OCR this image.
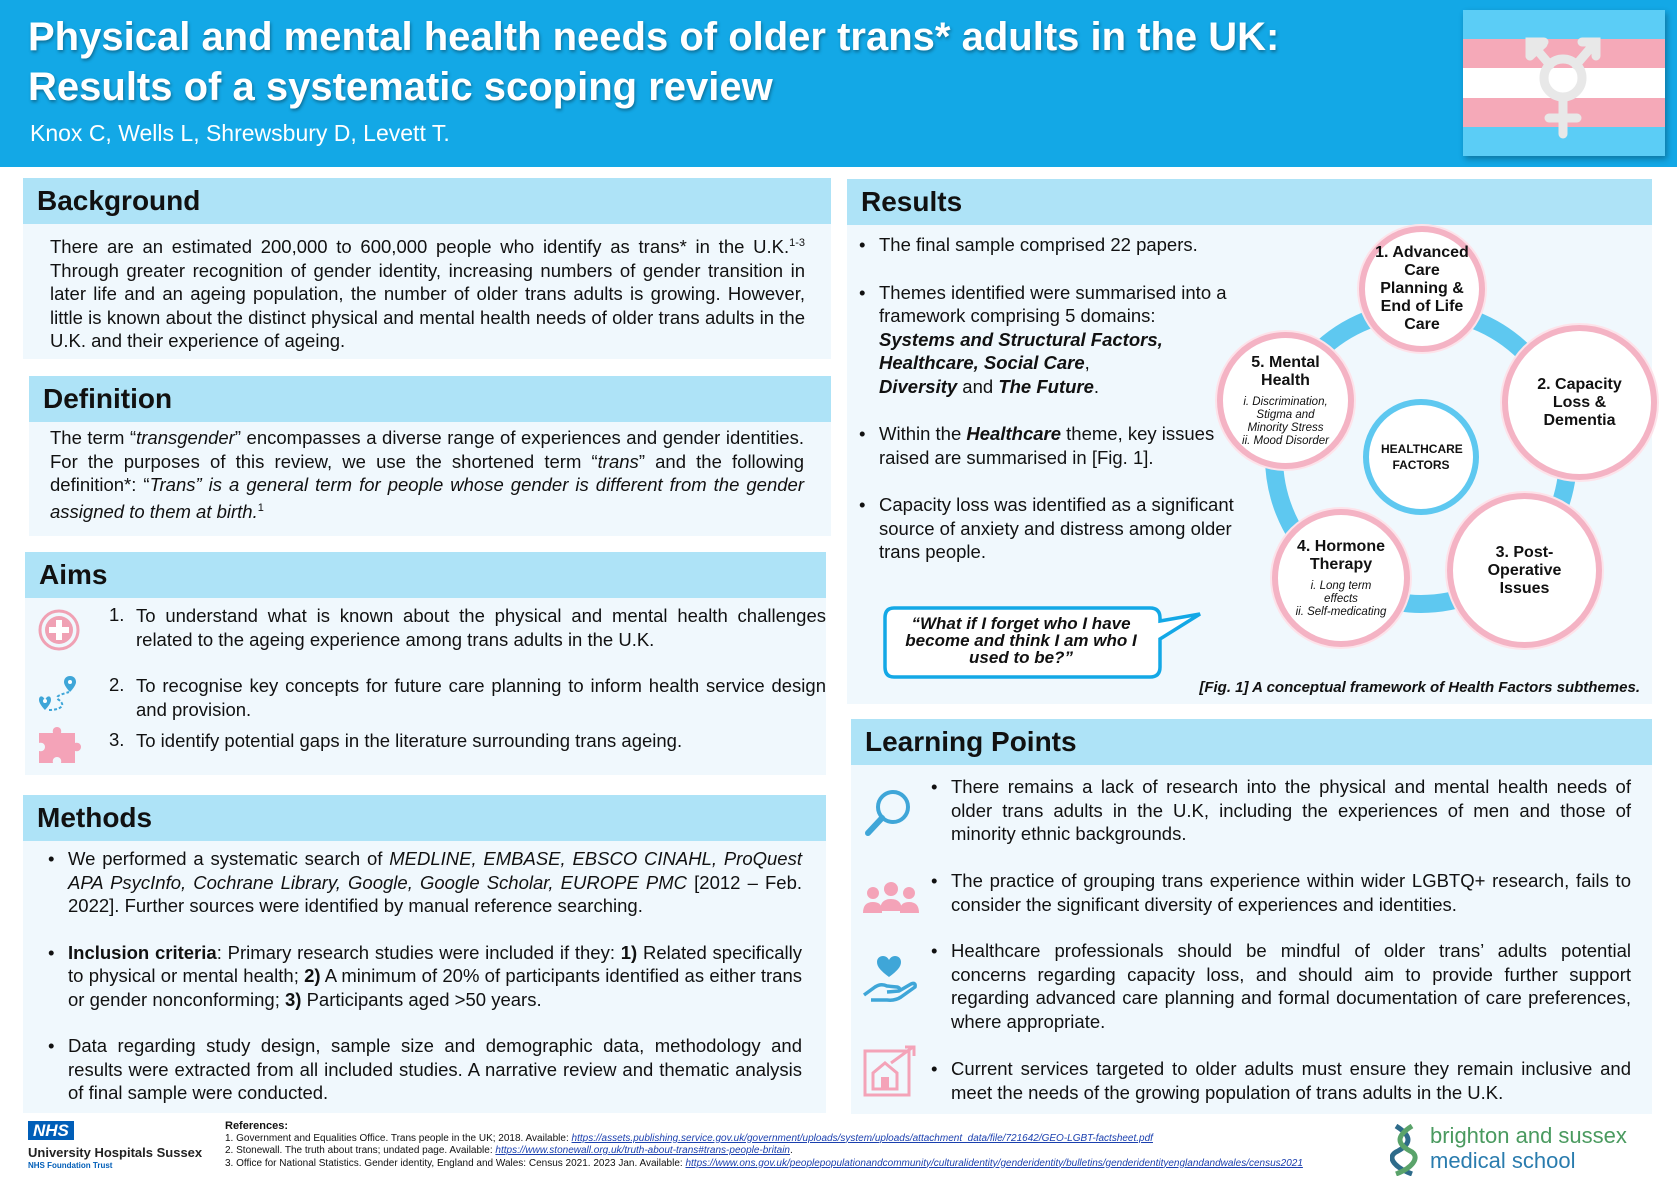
Physical and mental health needs of older trans* adults in the UK:
Results of a systematic scoping review
Knox C, Wells L, Shrewsbury D, Levett T.
Background
There are an estimated 200,000 to 600,000 people who identify as trans* in the U.K.$^{1-3}$ Through greater recognition of gender identity, increasing numbers of gender transition in later life and an ageing population, the number of older trans adults is growing. However, little is known about the distinct physical and mental health needs of older trans adults in the U.K. and their experience of ageing.
Definition
The term “transgender” encompasses a diverse range of experiences and gender identities. For the purposes of this review, we use the shortened term “trans” and the following definition*: “Trans” is a general term for people whose gender is different from the gender assigned to them at birth.$^1$
Aims
1. To understand what is known about the physical and mental health challenges related to the ageing experience among trans adults in the U.K.
2. To recognise key concepts for future care planning to inform health service design and provision.
3. To identify potential gaps in the literature surrounding trans ageing.
Methods
• We performed a systematic search of MEDLINE, EMBASE, EBSCO CINAHL, ProQuest APA PsycInfo, Cochrane Library, Google, Google Scholar, EUROPE PMC [2012 – Feb. 2022]. Further sources were identified by manual reference searching.
• Inclusion criteria: Primary research studies were included if they: 1) Related specifically to physical or mental health; 2) A minimum of 20% of participants identified as either trans or gender nonconforming; 3) Participants aged >50 years.
• Data regarding study design, sample size and demographic data, methodology and results were extracted from all included studies. A narrative review and thematic analysis of final sample were conducted.
Results
• The final sample comprised 22 papers.
• Themes identified were summarised into a framework comprising 5 domains:
Systems and Structural Factors,
Healthcare, Social Care,
Diversity and The Future.
• Within the Healthcare theme, key issues raised are summarised in [Fig. 1].
• Capacity loss was identified as a significant source of anxiety and distress among older trans people.
“What if I forget who I have become and think I am who I used to be?”
HEALTHCARE FACTORS
1. Advanced Care Planning & End of Life Care
2. Capacity Loss & Dementia
3. Post-Operative Issues
4. Hormone Therapy
i. Long term effects
ii. Self-medicating
5. Mental Health
i. Discrimination, Stigma and Minority Stress
ii. Mood Disorder
[Fig. 1] A conceptual framework of Health Factors subthemes.
Learning Points
• There remains a lack of research into the physical and mental health needs of older trans adults in the U.K, including the experiences of men and those of minority ethnic backgrounds.
• The practice of grouping trans experience within wider LGBTQ+ research, fails to consider the significant diversity of experiences and identities.
• Healthcare professionals should be mindful of older trans’ adults potential concerns regarding capacity loss, and should aim to provide further support regarding advanced care planning and formal documentation of care preferences, where appropriate.
• Current services targeted to older adults must ensure they remain inclusive and meet the needs of the growing population of trans adults in the U.K.
NHS
University Hospitals Sussex
NHS Foundation Trust
References:
1. Government and Equalities Office. Trans people in the UK; 2018. Available: https://assets.publishing.service.gov.uk/government/uploads/system/uploads/attachment_data/file/721642/GEO-LGBT-factsheet.pdf
2. Stonewall. The truth about trans; undated page. Available: https://www.stonewall.org.uk/truth-about-trans#trans-people-britain.
3. Office for National Statistics. Gender identity, England and Wales: Census 2021. 2023 Jan. Available: https://www.ons.gov.uk/peoplepopulationandcommunity/culturalidentity/genderidentity/bulletins/genderidentityenglandandwales/census2021
brighton and sussex
medical school
